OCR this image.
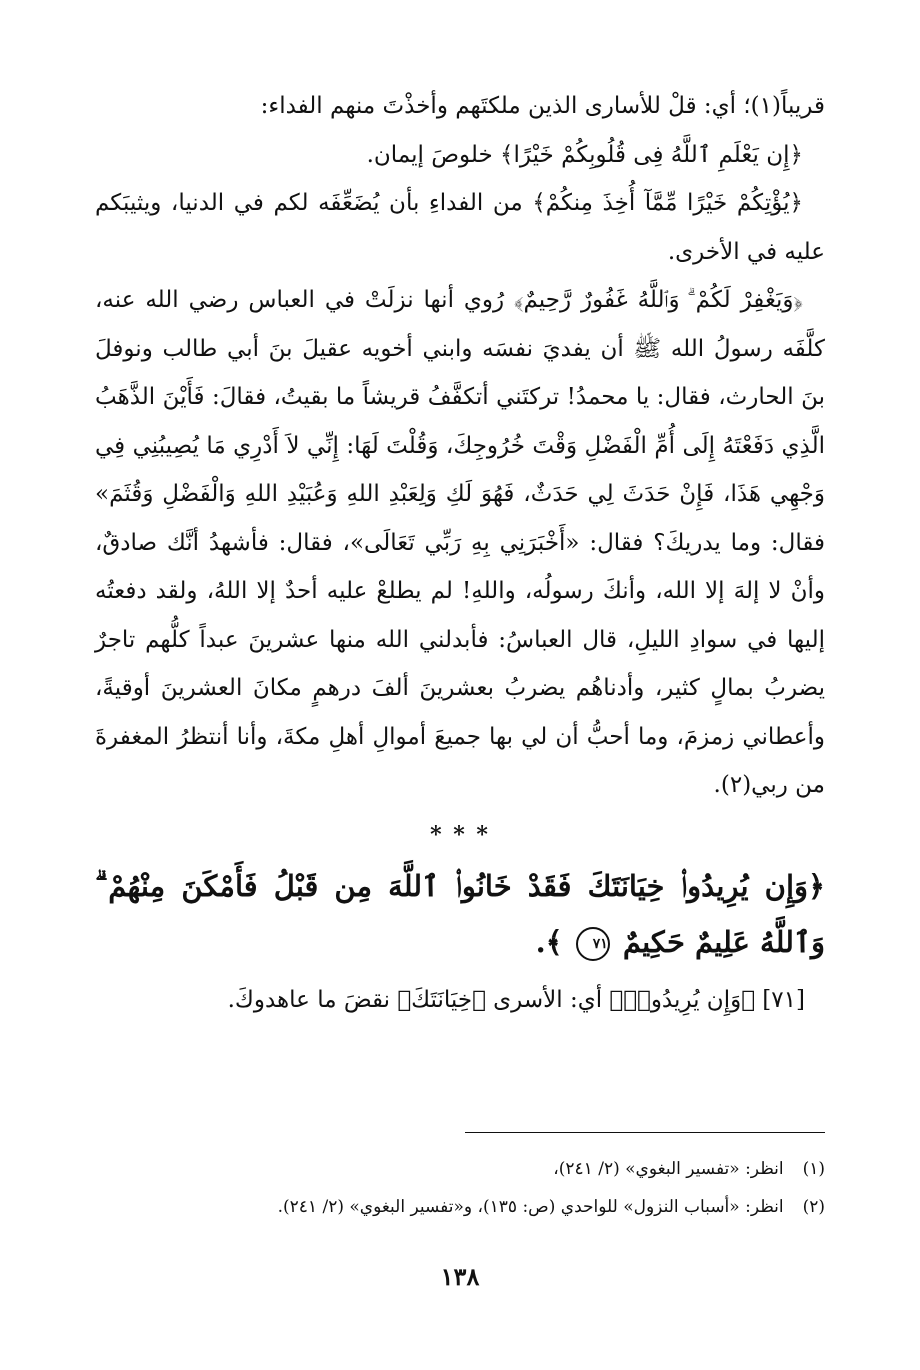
قريباً(١)؛ أي: قلْ للأسارى الذين ملكتَهم وأخذْتَ منهم الفداء:

﴿إِن يَعْلَمِ ٱللَّهُ فِى قُلُوبِكُمْ خَيْرًا﴾ خلوصَ إيمان.

﴿يُؤْتِكُمْ خَيْرًا مِّمَّآ أُخِذَ مِنكُمْ﴾ من الفداءِ بأن يُضَعِّفَه لكم في الدنيا، ويثيبَكم عليه في الأخرى.

﴿وَيَغْفِرْ لَكُمْ ۗ وَٱللَّهُ غَفُورٌ رَّحِيمٌ﴾ رُوي أنها نزلَتْ في العباس رضي الله عنه، كلَّفَه رسولُ الله ﷺ أن يفديَ نفسَه وابني أخويه عقيلَ بنَ أبي طالب ونوفلَ بنَ الحارث، فقال: يا محمدُ! تركتَني أتكفَّفُ قريشاً ما بقيتُ، فقالَ: فَأَيْنَ الذَّهَبُ الَّذِي دَفَعْتَهُ إِلَى أُمِّ الْفَضْلِ وَقْتَ خُرُوجِكَ، وَقُلْتَ لَهَا: إِنِّي لاَ أَدْرِي مَا يُصِيبُنِي فِي وَجْهِي هَذَا، فَإِنْ حَدَثَ لِي حَدَثٌ، فَهُوَ لَكِ وَلِعَبْدِ اللهِ وَعُبَيْدِ اللهِ وَالْفَضْلِ وَقُثَمَ» فقال: وما يدريكَ؟ فقال: «أَخْبَرَنِي بِهِ رَبِّي تَعَالَى»، فقال: فأشهدُ أنَّك صادقٌ، وأنْ لا إلهَ إلا الله، وأنكَ رسولُه، واللهِ! لم يطلعْ عليه أحدٌ إلا اللهُ، ولقد دفعتُه إليها في سوادِ الليلِ، قال العباسُ: فأبدلني الله منها عشرينَ عبداً كلُّهم تاجرٌ يضربُ بمالٍ كثير، وأدناهُم يضربُ بعشرينَ ألفَ درهمٍ مكانَ العشرينَ أوقيةً، وأعطاني زمزمَ، وما أحبُّ أن لي بها جميعَ أموالِ أهلِ مكةَ، وأنا أنتظرُ المغفرةَ من ربي(٢).

* * *
﴿وَإِن يُرِيدُوا۟ خِيَانَتَكَ فَقَدْ خَانُوا۟ ٱللَّهَ مِن قَبْلُ فَأَمْكَنَ مِنْهُمْ ۗ وَٱللَّهُ عَلِيمٌ حَكِيمٌ ٧١ ﴾.

[٧١] ﴿وَإِن يُرِيدُوا۟﴾ أي: الأسرى ﴿خِيَانَتَكَ﴾ نقضَ ما عاهدوكَ.

(١) انظر: «تفسير البغوي» (٢/ ٢٤١)،

(٢) انظر: «أسباب النزول» للواحدي (ص: ١٣٥)، و«تفسير البغوي» (٢/ ٢٤١).

١٣٨
